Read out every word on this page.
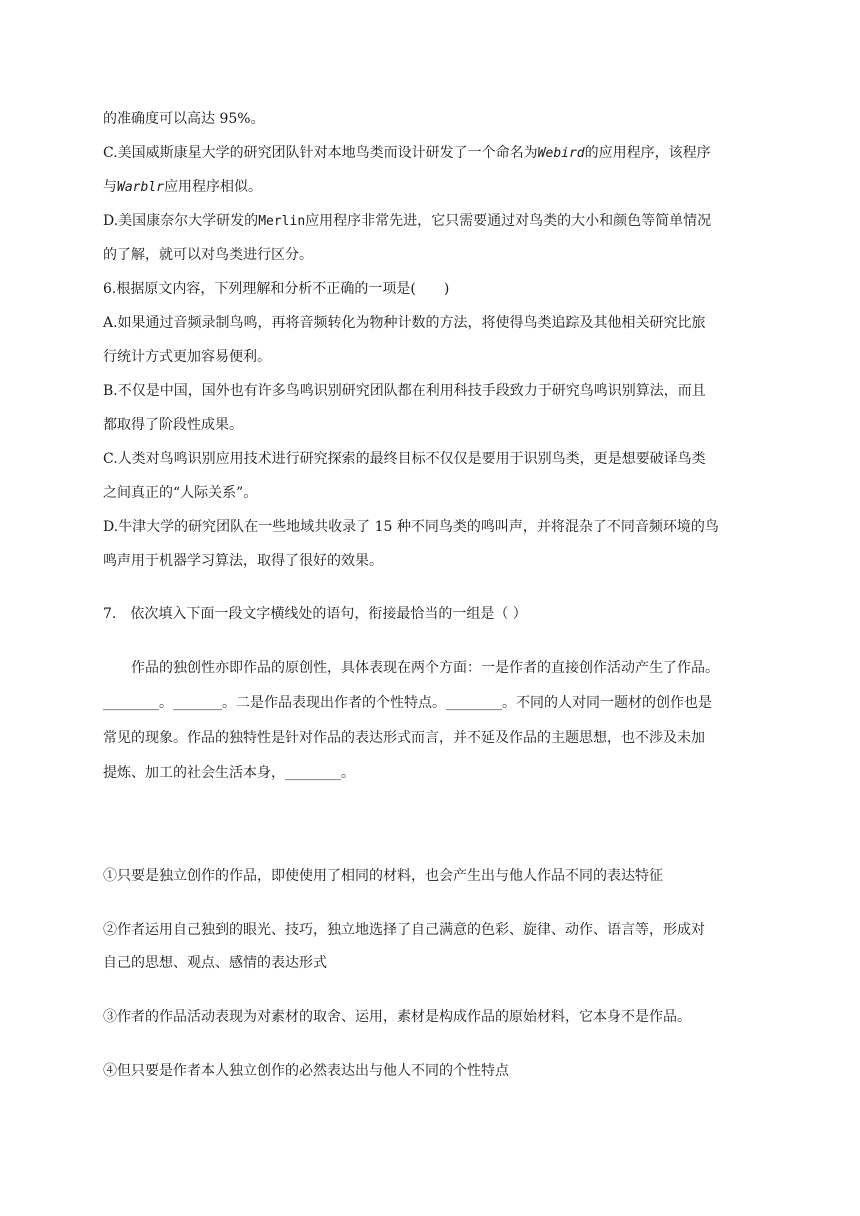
的准确度可以高达 95%。
C.美国威斯康星大学的研究团队针对本地鸟类而设计研发了一个命名为Webird的应用程序，该程序
与Warblr应用程序相似。
D.美国康奈尔大学研发的Merlin应用程序非常先进，它只需要通过对鸟类的大小和颜色等简单情况
的了解，就可以对鸟类进行区分。
6.根据原文内容，下列理解和分析不正确的一项是(　　)
A.如果通过音频录制鸟鸣，再将音频转化为物种计数的方法，将使得鸟类追踪及其他相关研究比旅
行统计方式更加容易便利。
B.不仅是中国，国外也有许多鸟鸣识别研究团队都在利用科技手段致力于研究鸟鸣识别算法，而且
都取得了阶段性成果。
C.人类对鸟鸣识别应用技术进行研究探索的最终目标不仅仅是要用于识别鸟类，更是想要破译鸟类
之间真正的“人际关系”。
D.牛津大学的研究团队在一些地域共收录了 15 种不同鸟类的鸣叫声，并将混杂了不同音频环境的鸟
鸣声用于机器学习算法，取得了很好的效果。
7.　依次填入下面一段文字横线处的语句，衔接最恰当的一组是（ ）
作品的独创性亦即作品的原创性，具体表现在两个方面：一是作者的直接创作活动产生了作品。
________。_______。二是作品表现出作者的个性特点。________。不同的人对同一题材的创作也是
常见的现象。作品的独特性是针对作品的表达形式而言，并不延及作品的主题思想，也不涉及未加
提炼、加工的社会生活本身，________。
①只要是独立创作的作品，即使使用了相同的材料，也会产生出与他人作品不同的表达特征
②作者运用自己独到的眼光、技巧，独立地选择了自己满意的色彩、旋律、动作、语言等，形成对
自己的思想、观点、感情的表达形式
③作者的作品活动表现为对素材的取舍、运用，素材是构成作品的原始材料，它本身不是作品。
④但只要是作者本人独立创作的必然表达出与他人不同的个性特点
